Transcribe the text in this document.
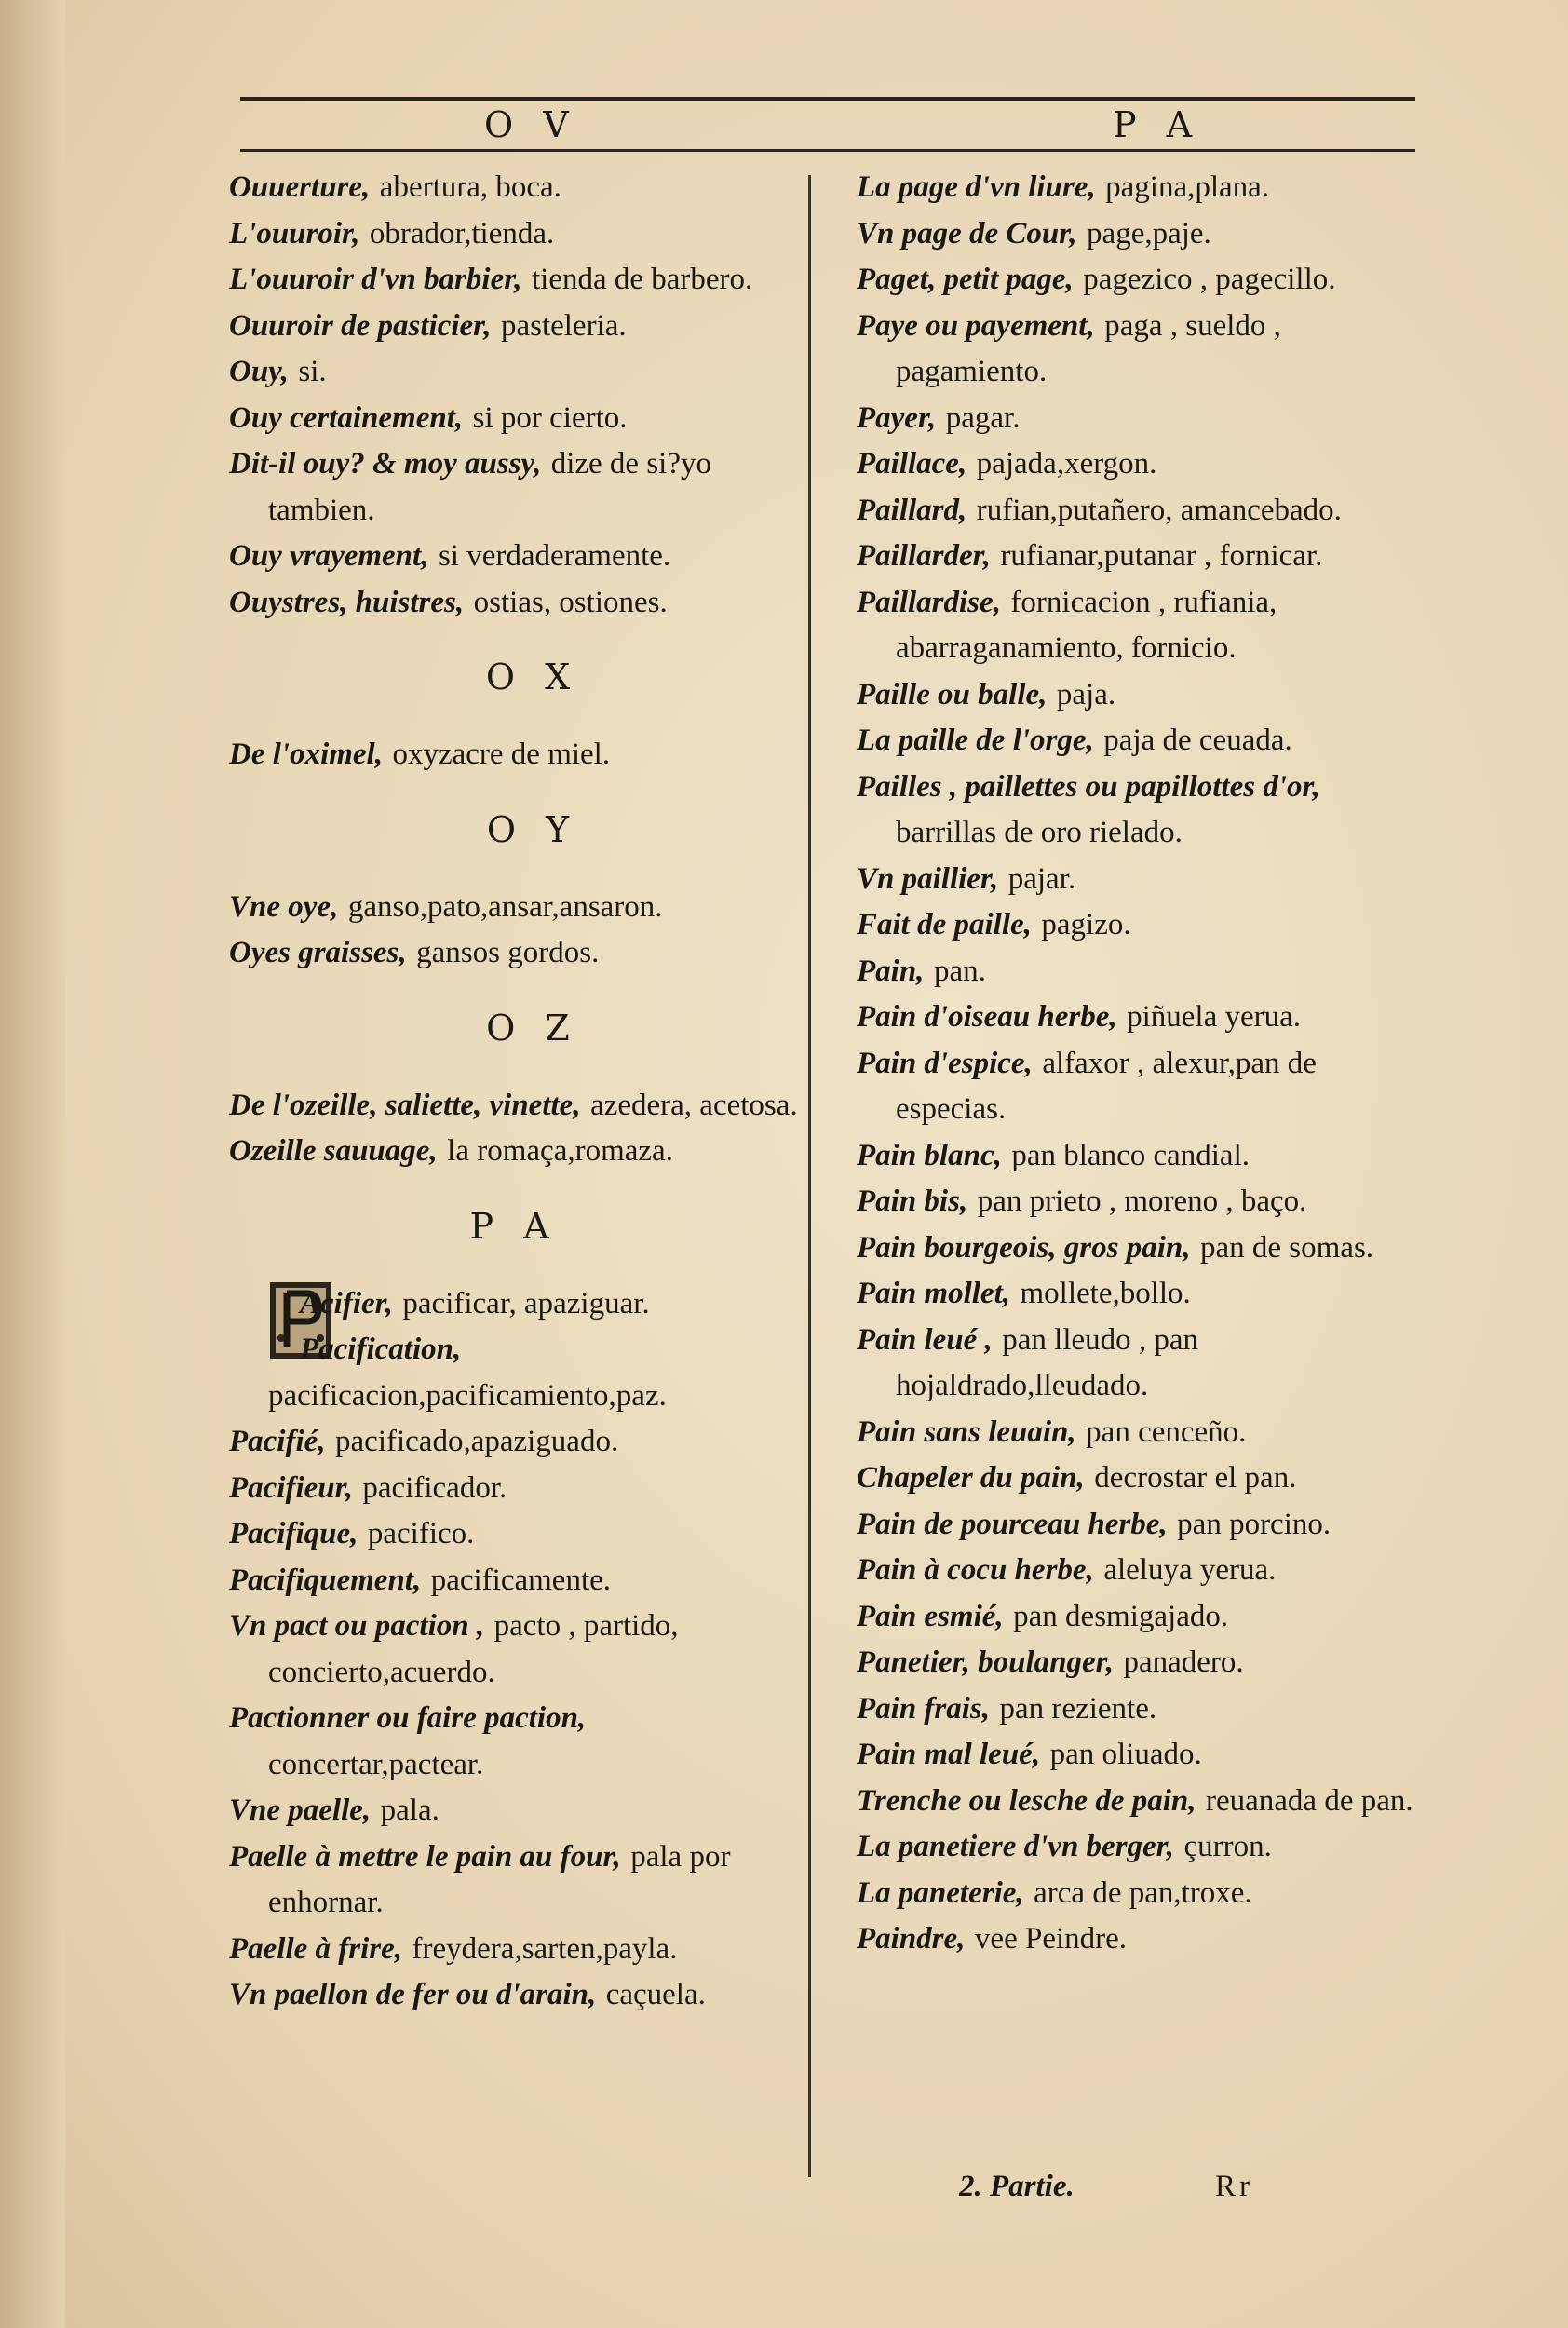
O V	P A
Ouuerture, abertura, boca.
L'ouuroir, obrador,tienda.
L'ouuroir d'vn barbier, tienda de barbero.
Ouuroir de pasticier, pasteleria.
Ouy, si.
Ouy certainement, si por cierto.
Dit-il ouy? & moy aussy, dize de si?yo tambien.
Ouy vrayement, si verdaderamente.
Ouystres, huistres, ostias, ostiones.
O X
De l'oximel, oxyzacre de miel.
O Y
Vne oye, ganso,pato,ansar,ansaron.
Oyes graisses, gansos gordos.
O Z
De l'ozeille, saliette, vinette, azedera, acetosa.
Ozeille sauuage, la romaça,romaza.
P A
Acifier, pacificar, apaziguar.
Pacification, pacificacion,pacificamiento,paz.
Pacifié, pacificado,apaziguado.
Pacifieur, pacificador.
Pacifique, pacifico.
Pacifiquement, pacificamente.
Vn pact ou paction , pacto , partido, concierto,acuerdo.
Pactionner ou faire paction, concertar,pactear.
Vne paelle, pala.
Paelle à mettre le pain au four, pala por enhornar.
Paelle à frire, freydera,sarten,payla.
Vn paellon de fer ou d'arain, caçuela.
La page d'vn liure, pagina,plana.
Vn page de Cour, page,paje.
Paget, petit page, pagezico , pagecillo.
Paye ou payement, paga , sueldo , pagamiento.
Payer, pagar.
Paillace, pajada,xergon.
Paillard, rufian,putañero, amancebado.
Paillarder, rufianar,putanar , fornicar.
Paillardise, fornicacion , rufiania, abarraganamiento, fornicio.
Paille ou balle, paja.
La paille de l'orge, paja de ceuada.
Pailles , paillettes ou papillottes d'or, barrillas de oro rielado.
Vn paillier, pajar.
Fait de paille, pagizo.
Pain, pan.
Pain d'oiseau herbe, piñuela yerua.
Pain d'espice, alfaxor , alexur,pan de especias.
Pain blanc, pan blanco candial.
Pain bis, pan prieto , moreno , baço.
Pain bourgeois, gros pain, pan de somas.
Pain mollet, mollete,bollo.
Pain leué , pan lleudo , pan hojaldrado,lleudado.
Pain sans leuain, pan cenceño.
Chapeler du pain, decrostar el pan.
Pain de pourceau herbe, pan porcino.
Pain à cocu herbe, aleluya yerua.
Pain esmié, pan desmigajado.
Panetier, boulanger, panadero.
Pain frais, pan reziente.
Pain mal leué, pan oliuado.
Trenche ou lesche de pain, reuanada de pan.
La panetiere d'vn berger, çurron.
La paneterie, arca de pan,troxe.
Paindre, vee Peindre.
2. Partie.	Rr
